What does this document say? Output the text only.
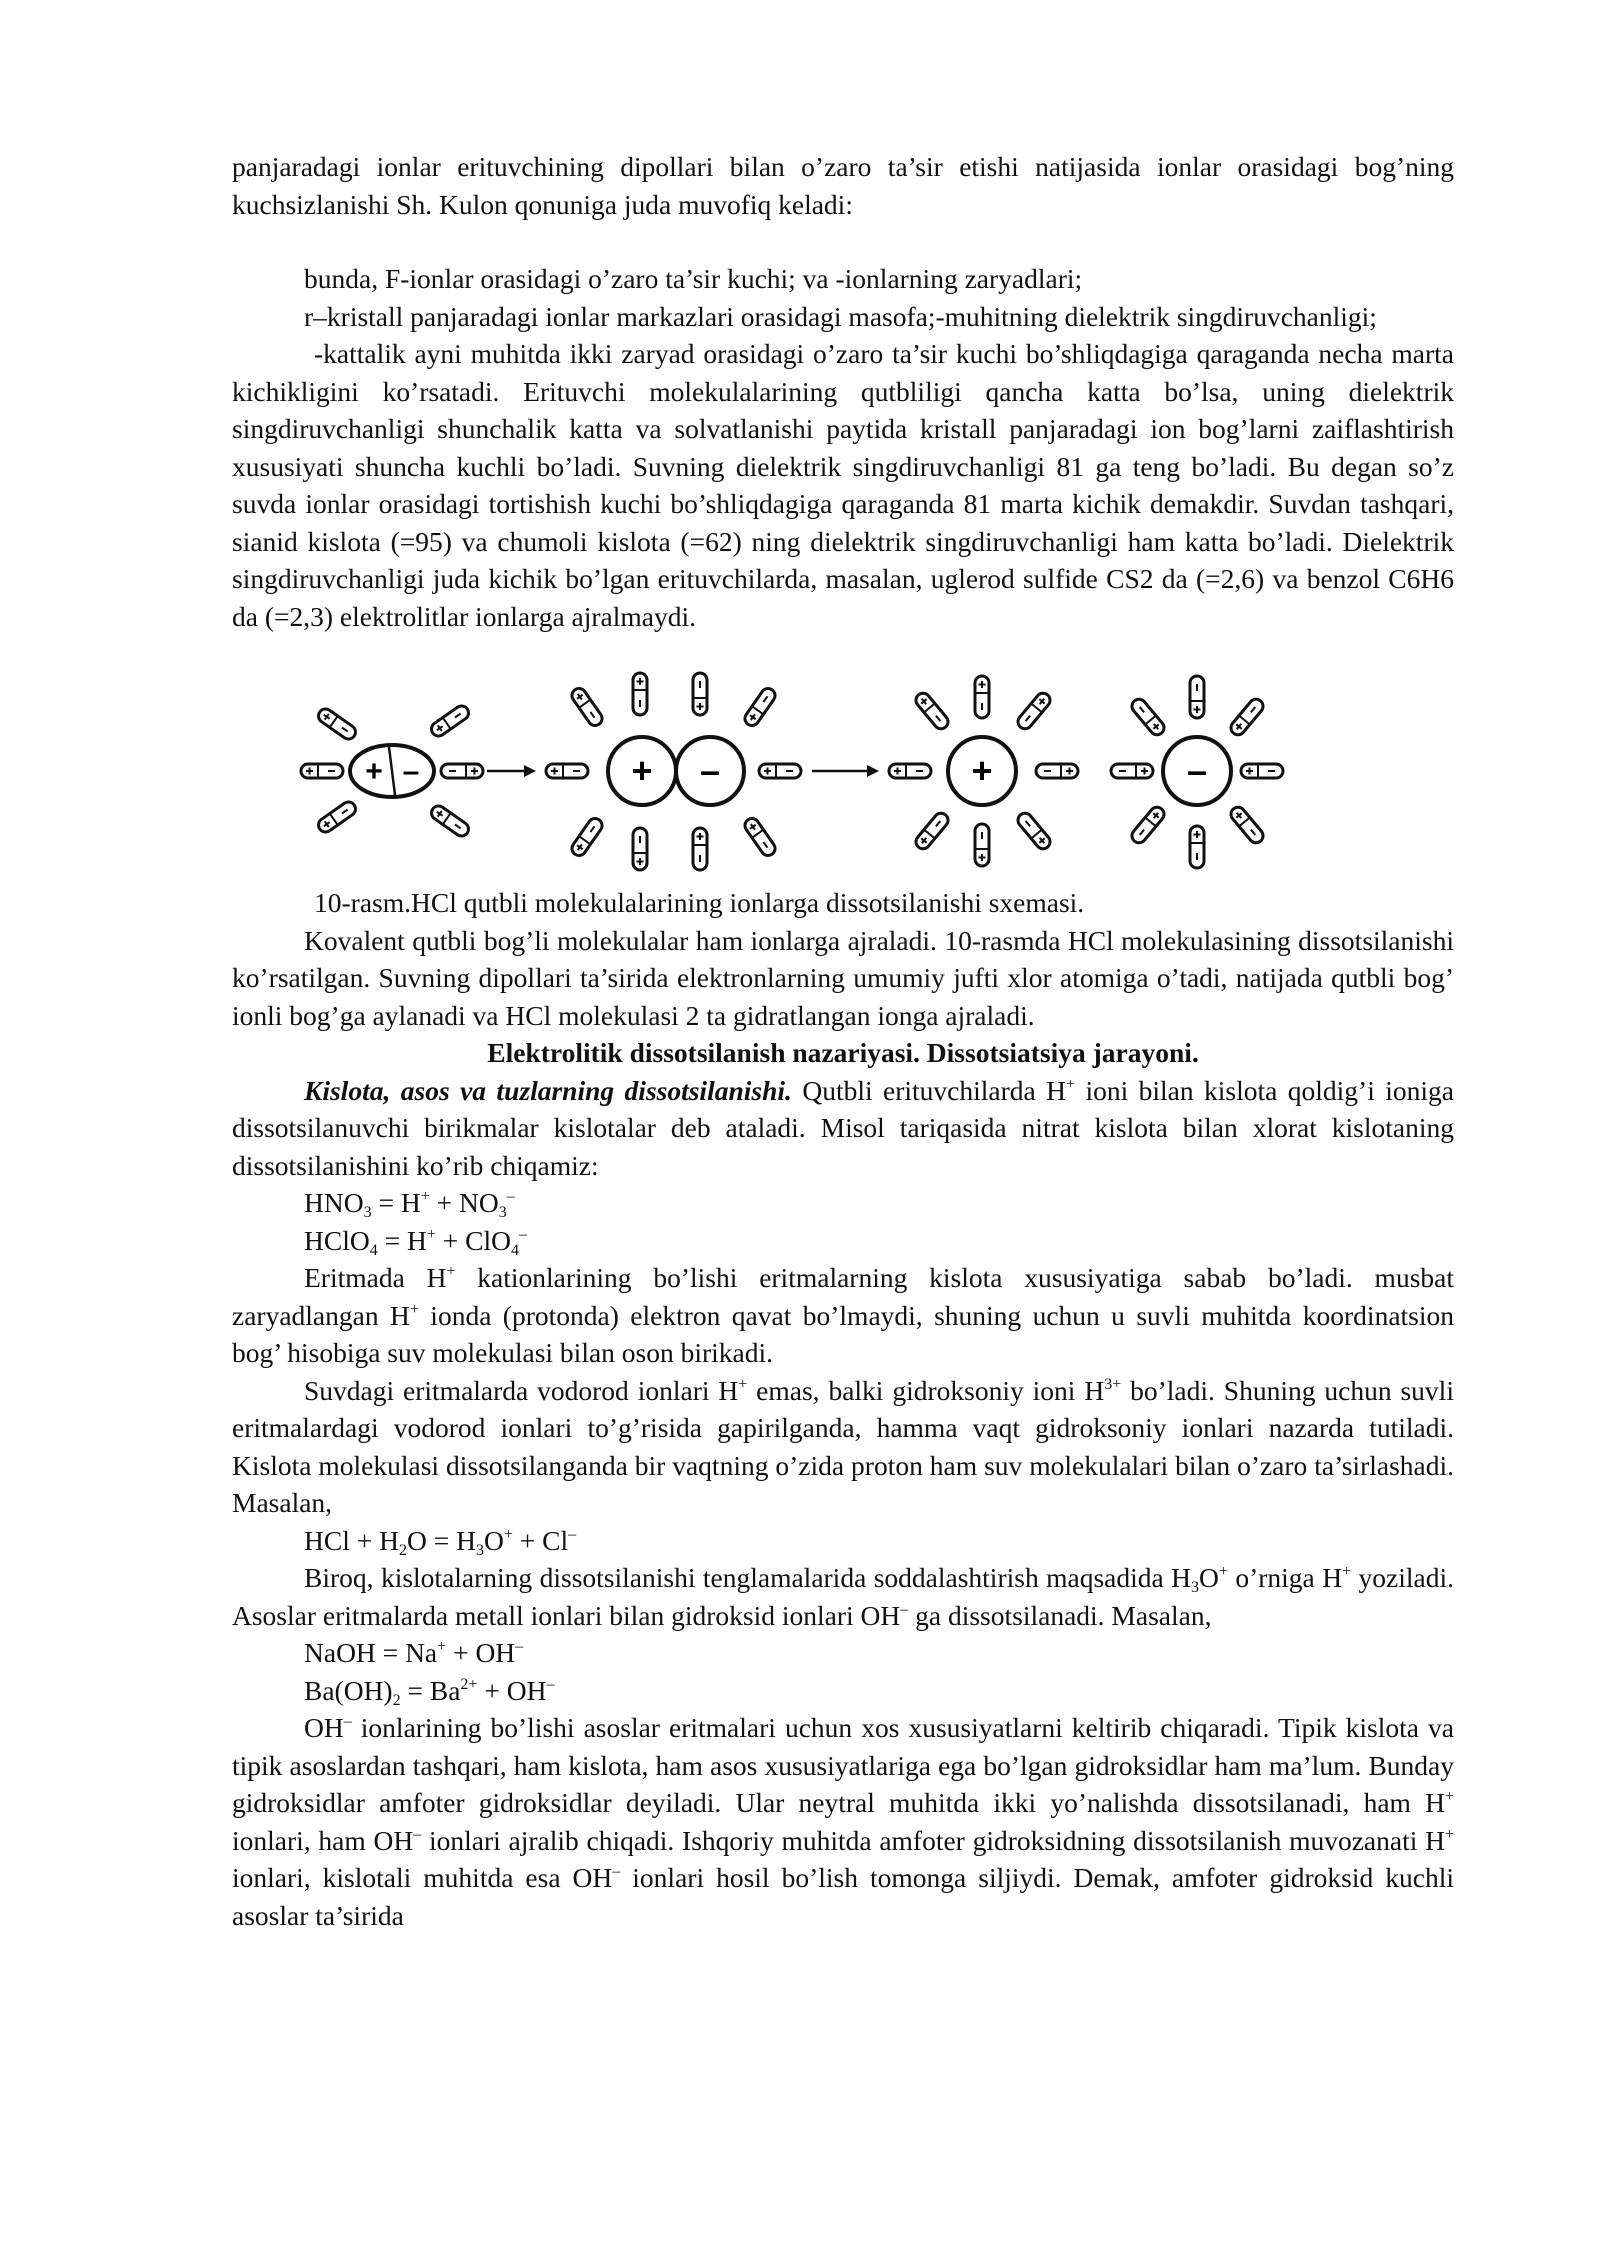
panjaradagi ionlar erituvchining dipollari bilan o’zaro ta’sir etishi natijasida ionlar orasidagi bog’ning kuchsizlanishi Sh. Kulon qonuniga juda muvofiq keladi:

bunda, F-ionlar orasidagi o’zaro ta’sir kuchi; va -ionlarning zaryadlari;

r–kristall panjaradagi ionlar markazlari orasidagi masofa;-muhitning dielektrik singdiruvchanligi;

-kattalik ayni muhitda ikki zaryad orasidagi o’zaro ta’sir kuchi bo’shliqdagiga qaraganda necha marta kichikligini ko’rsatadi. Erituvchi molekulalarining qutbliligi qancha katta bo’lsa, uning dielektrik singdiruvchanligi shunchalik katta va solvatlanishi paytida kristall panjaradagi ion bog’larni zaiflashtirish xususiyati shuncha kuchli bo’ladi. Suvning dielektrik singdiruvchanligi 81 ga teng bo’ladi. Bu degan so’z suvda ionlar orasidagi tortishish kuchi bo’shliqdagiga qaraganda 81 marta kichik demakdir. Suvdan tashqari, sianid kislota (=95) va chumoli kislota (=62) ning dielektrik singdiruvchanligi ham katta bo’ladi. Dielektrik singdiruvchanligi juda kichik bo’lgan erituvchilarda, masalan, uglerod sulfide CS2 da (=2,6) va benzol C6H6 da (=2,3) elektrolitlar ionlarga ajralmaydi.

+ –	+ –	+	–

10-rasm.HCl qutbli molekulalarining ionlarga dissotsilanishi sxemasi.

Kovalent qutbli bog’li molekulalar ham ionlarga ajraladi. 10-rasmda HCl molekulasining dissotsilanishi ko’rsatilgan. Suvning dipollari ta’sirida elektronlarning umumiy jufti xlor atomiga o’tadi, natijada qutbli bog’ ionli bog’ga aylanadi va HCl molekulasi 2 ta gidratlangan ionga ajraladi.

Elektrolitik dissotsilanish nazariyasi. Dissotsiatsiya jarayoni.

Kislota, asos va tuzlarning dissotsilanishi. Qutbli erituvchilarda H+ ioni bilan kislota qoldig’i ioniga dissotsilanuvchi birikmalar kislotalar deb ataladi. Misol tariqasida nitrat kislota bilan xlorat kislotaning dissotsilanishini ko’rib chiqamiz:

$HNO_3 = H^+ + NO_3^-$
HClO$_4$ = H+ + ClO$_4$–

Eritmada H+ kationlarining bo’lishi eritmalarning kislota xususiyatiga sabab bo’ladi. musbat zaryadlangan H+ ionda (protonda) elektron qavat bo’lmaydi, shuning uchun u suvli muhitda koordinatsion bog’ hisobiga suv molekulasi bilan oson birikadi.

Suvdagi eritmalarda vodorod ionlari H+ emas, balki gidroksoniy ioni $H^{3+}$ bo’ladi. Shuning uchun suvli eritmalardagi vodorod ionlari to’g’risida gapirilganda, hamma vaqt gidroksoniy ionlari nazarda tutiladi. Kislota molekulasi dissotsilanganda bir vaqtning o’zida proton ham suv molekulalari bilan o’zaro ta’sirlashadi. Masalan,

HCl + $H_2O = H_3O^+ + Cl^-$

Biroq, kislotalarning dissotsilanishi tenglamalarida soddalashtirish maqsadida $H_3O^+$ o’rniga H+ yoziladi. Asoslar eritmalarda metall ionlari bilan gidroksid ionlari OH– ga dissotsilanadi. Masalan,

NaOH = Na+ + OH–
$Ba(OH)_2 = Ba^{2+} + OH^-$

OH– ionlarining bo’lishi asoslar eritmalari uchun xos xususiyatlarni keltirib chiqaradi. Tipik kislota va tipik asoslardan tashqari, ham kislota, ham asos xususiyatlariga ega bo’lgan gidroksidlar ham ma’lum. Bunday gidroksidlar amfoter gidroksidlar deyiladi. Ular neytral muhitda ikki yo’nalishda dissotsilanadi, ham H+ ionlari, ham OH– ionlari ajralib chiqadi. Ishqoriy muhitda amfoter gidroksidning dissotsilanish muvozanati H+ ionlari, kislotali muhitda esa OH– ionlari hosil bo’lish tomonga siljiydi. Demak, amfoter gidroksid kuchli asoslar ta’sirida
